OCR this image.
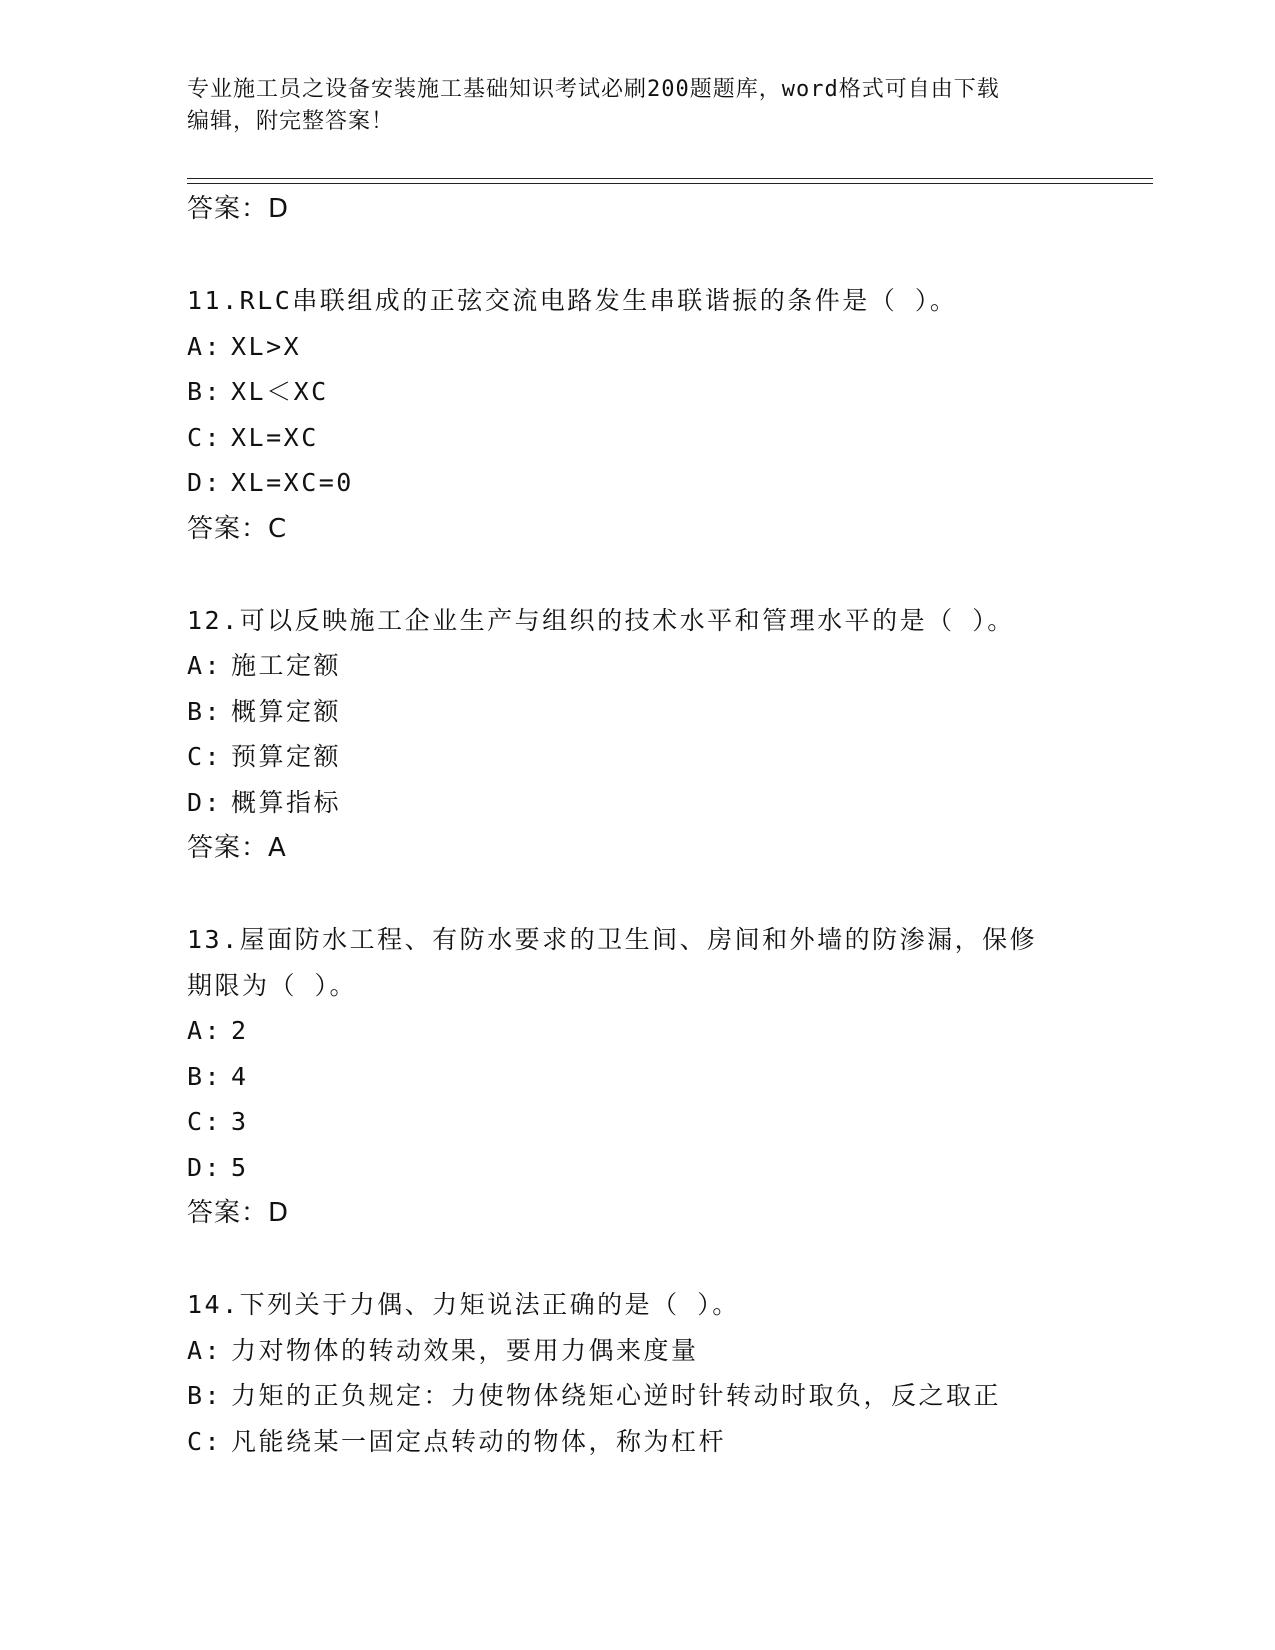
专业施工员之设备安装施工基础知识考试必刷200题题库，word格式可自由下载
编辑，附完整答案！
答案：D
11.RLC串联组成的正弦交流电路发生串联谐振的条件是（ ）。
A: XL>X
B: XL＜XC
C: XL=XC
D: XL=XC=0
答案：C
12.可以反映施工企业生产与组织的技术水平和管理水平的是（ ）。
A: 施工定额
B: 概算定额
C: 预算定额
D: 概算指标
答案：A
13.屋面防水工程、有防水要求的卫生间、房间和外墙的防渗漏，保修
期限为（ ）。
A: 2
B: 4
C: 3
D: 5
答案：D
14.下列关于力偶、力矩说法正确的是（ ）。
A: 力对物体的转动效果，要用力偶来度量
B: 力矩的正负规定：力使物体绕矩心逆时针转动时取负，反之取正
C: 凡能绕某一固定点转动的物体，称为杠杆
